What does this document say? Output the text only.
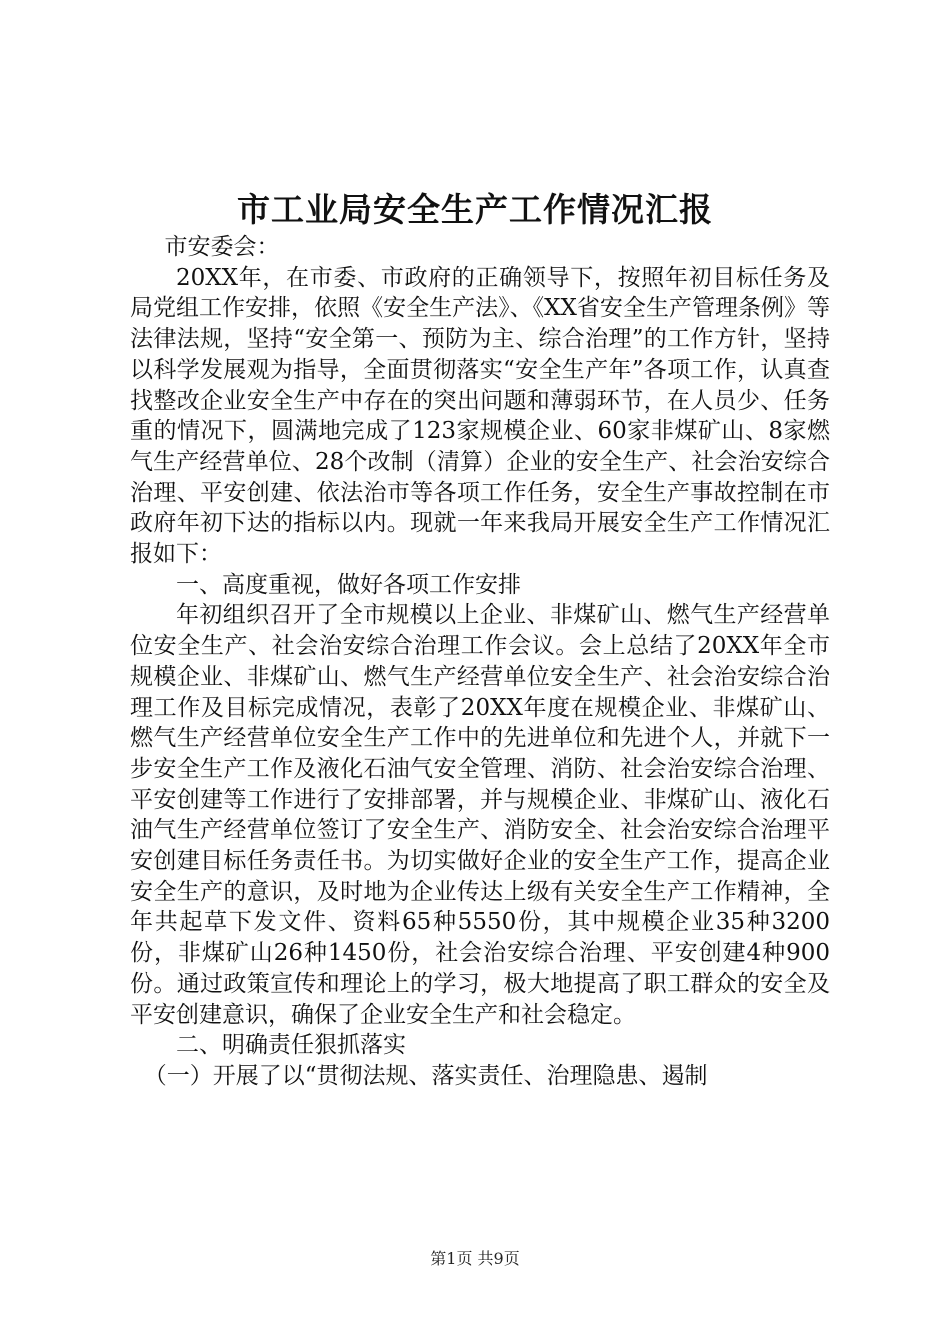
市工业局安全生产工作情况汇报

市安委会：

20XX年，在市委、市政府的正确领导下，按照年初目标任务及局党组工作安排，依照《安全生产法》、《XX省安全生产管理条例》等法律法规，坚持“安全第一、预防为主、综合治理”的工作方针，坚持以科学发展观为指导，全面贯彻落实“安全生产年”各项工作，认真查找整改企业安全生产中存在的突出问题和薄弱环节，在人员少、任务重的情况下，圆满地完成了123家规模企业、60家非煤矿山、8家燃气生产经营单位、28个改制（清算）企业的安全生产、社会治安综合治理、平安创建、依法治市等各项工作任务，安全生产事故控制在市政府年初下达的指标以内。现就一年来我局开展安全生产工作情况汇报如下：

一、高度重视，做好各项工作安排

年初组织召开了全市规模以上企业、非煤矿山、燃气生产经营单位安全生产、社会治安综合治理工作会议。会上总结了20XX年全市规模企业、非煤矿山、燃气生产经营单位安全生产、社会治安综合治理工作及目标完成情况，表彰了20XX年度在规模企业、非煤矿山、燃气生产经营单位安全生产工作中的先进单位和先进个人，并就下一步安全生产工作及液化石油气安全管理、消防、社会治安综合治理、平安创建等工作进行了安排部署，并与规模企业、非煤矿山、液化石油气生产经营单位签订了安全生产、消防安全、社会治安综合治理平安创建目标任务责任书。为切实做好企业的安全生产工作，提高企业安全生产的意识，及时地为企业传达上级有关安全生产工作精神，全年共起草下发文件、资料65种5550份，其中规模企业35种3200份，非煤矿山26种1450份，社会治安综合治理、平安创建4种900份。通过政策宣传和理论上的学习，极大地提高了职工群众的安全及平安创建意识，确保了企业安全生产和社会稳定。

二、明确责任狠抓落实

（一）开展了以“贯彻法规、落实责任、治理隐患、遏制

第1页 共9页
